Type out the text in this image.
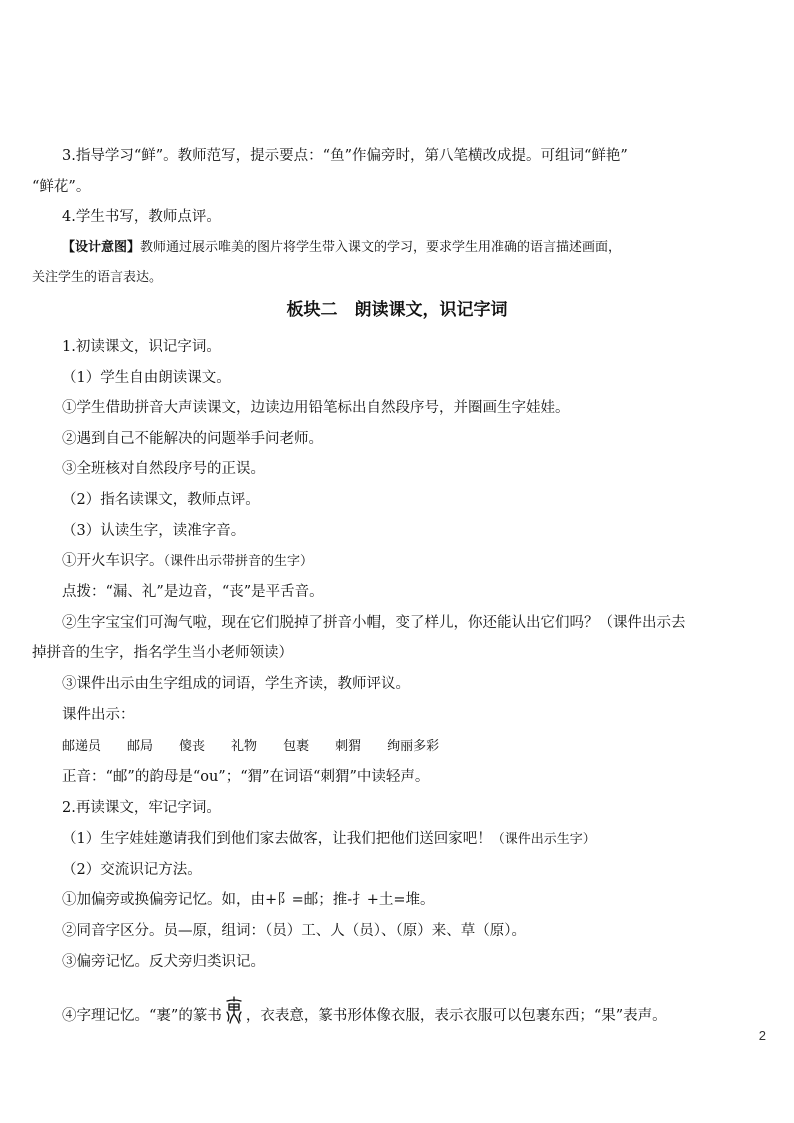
3.指导学习“鲜”。教师范写，提示要点：“鱼”作偏旁时，第八笔横改成提。可组词“鲜艳”
“鲜花”。
4.学生书写，教师点评。
【设计意图】教师通过展示唯美的图片将学生带入课文的学习，要求学生用准确的语言描述画面，
关注学生的语言表达。
板块二　朗读课文，识记字词
1.初读课文，识记字词。
（1）学生自由朗读课文。
①学生借助拼音大声读课文，边读边用铅笔标出自然段序号，并圈画生字娃娃。
②遇到自己不能解决的问题举手问老师。
③全班核对自然段序号的正误。
（2）指名读课文，教师点评。
（3）认读生字，读准字音。
①开火车识字。（课件出示带拼音的生字）
点拨：“漏、礼”是边音，“丧”是平舌音。
②生字宝宝们可淘气啦，现在它们脱掉了拼音小帽，变了样儿，你还能认出它们吗？（课件出示去
掉拼音的生字，指名学生当小老师领读）
③课件出示由生字组成的词语，学生齐读，教师评议。
课件出示：
邮递员 邮局 傻丧 礼物 包裹 刺猬 绚丽多彩
正音：“邮”的韵母是“ou”；“猬”在词语“刺猬”中读轻声。
2.再读课文，牢记字词。
（1）生字娃娃邀请我们到他们家去做客，让我们把他们送回家吧！（课件出示生字）
（2）交流识记方法。
①加偏旁或换偏旁记忆。如，由+阝=邮；推-扌+土=堆。
②同音字区分。员—原，组词：（员）工、人（员）、（原）来、草（原）。
③偏旁记忆。反犬旁归类识记。
④字理记忆。“裹”的篆书 ，衣表意，篆书形体像衣服，表示衣服可以包裹东西；“果”表声。
2
